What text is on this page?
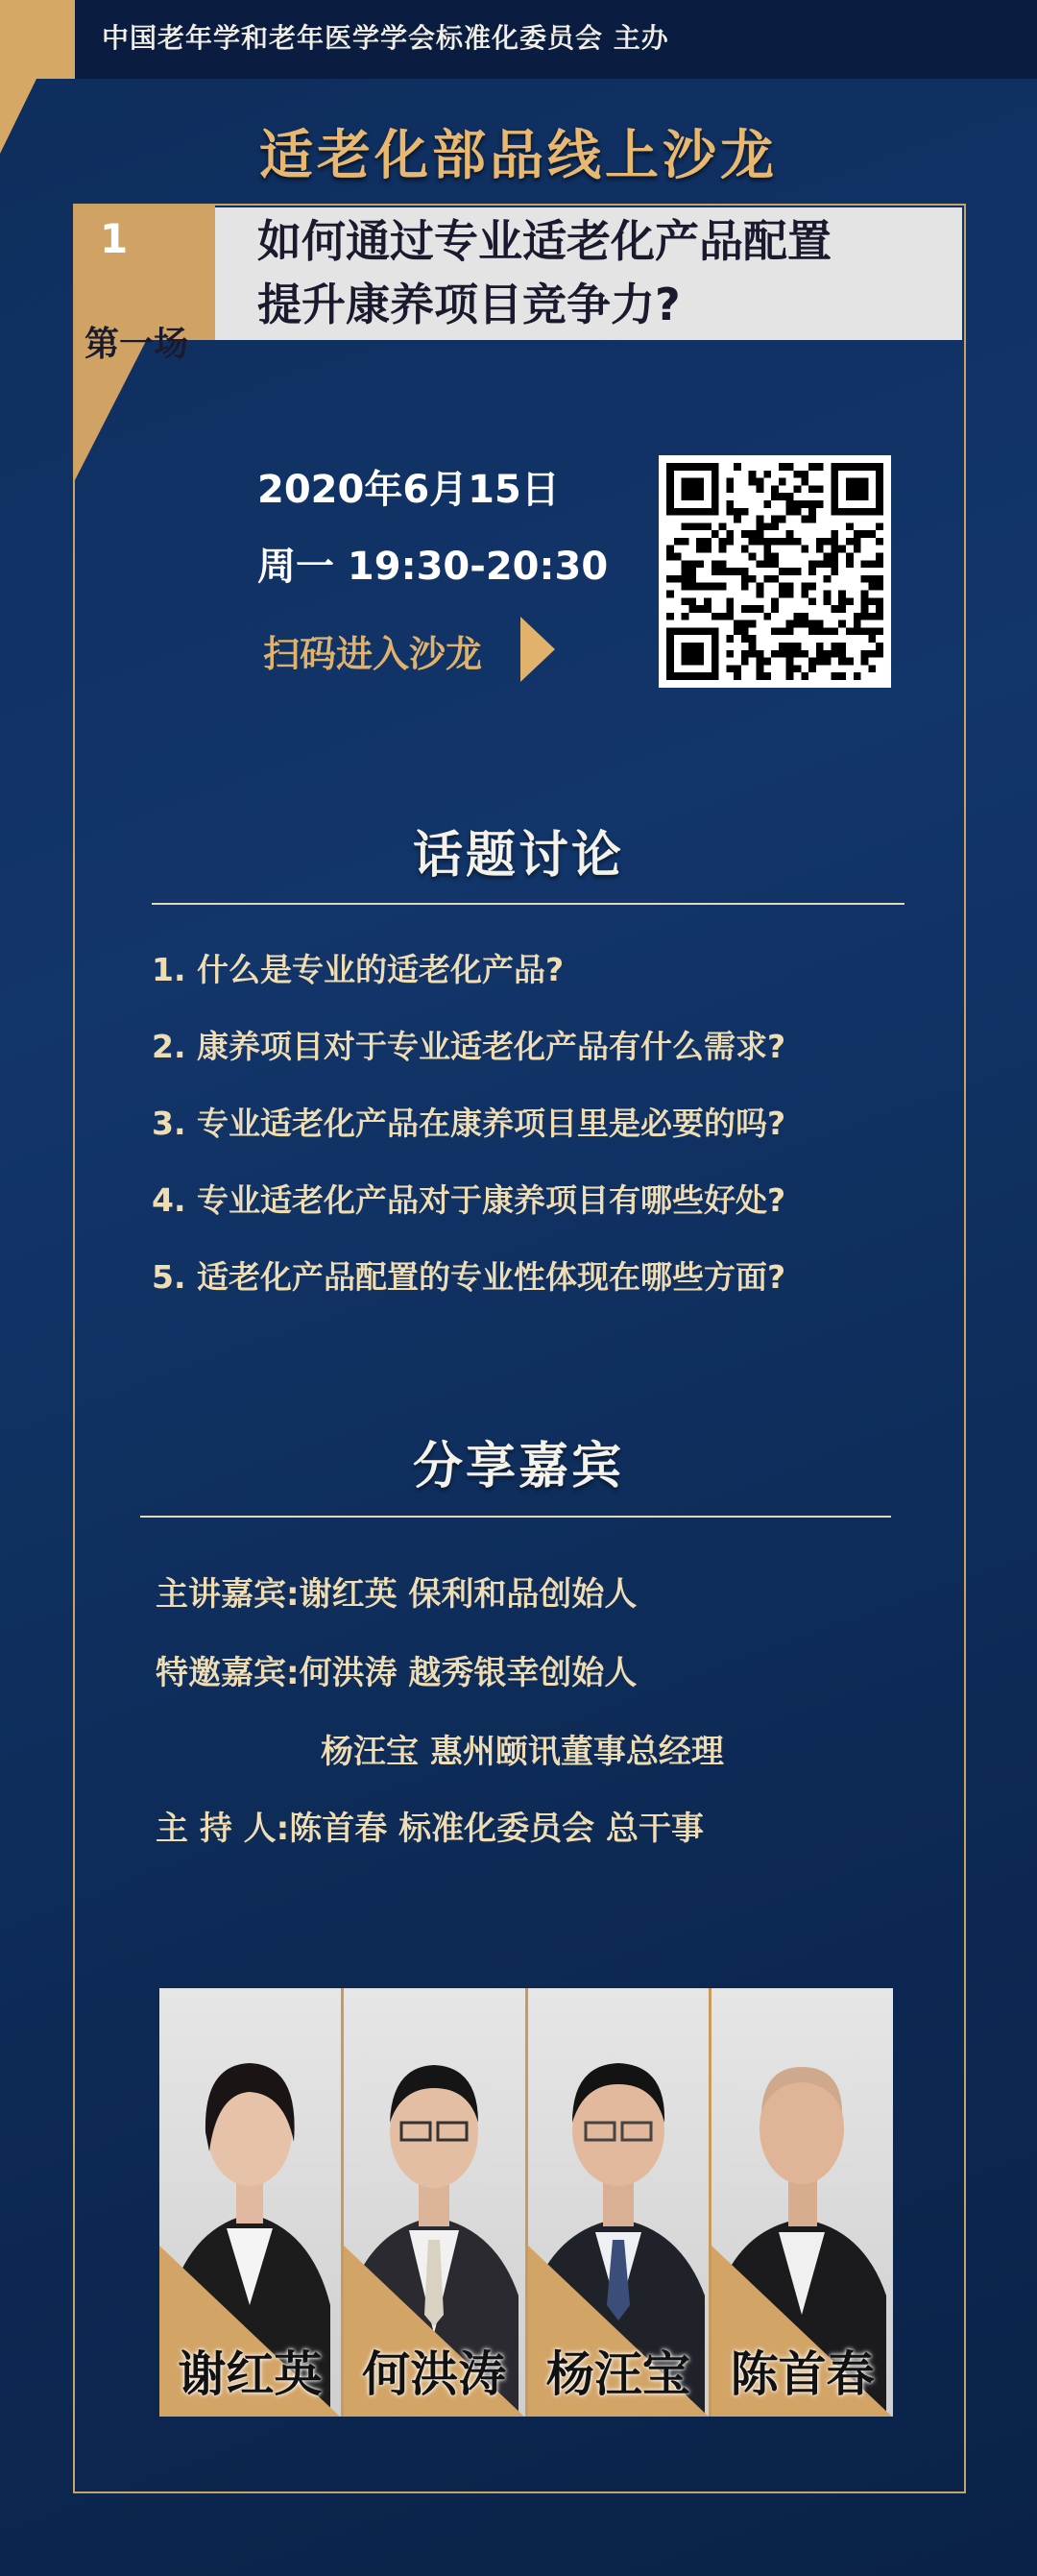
中国老年学和老年医学学会标准化委员会 主办
适老化部品线上沙龙
如何通过专业适老化产品配置
提升康养项目竞争力?
1
第一场
2020年6月15日
周一 19:30-20:30
扫码进入沙龙
话题讨论
1. 什么是专业的适老化产品?
2. 康养项目对于专业适老化产品有什么需求?
3. 专业适老化产品在康养项目里是必要的吗?
4. 专业适老化产品对于康养项目有哪些好处?
5. 适老化产品配置的专业性体现在哪些方面?
分享嘉宾
主讲嘉宾:谢红英 保利和品创始人
特邀嘉宾:何洪涛 越秀银幸创始人
杨汪宝 惠州颐讯董事总经理
主 持 人:陈首春 标准化委员会 总干事
谢红英 何洪涛 杨汪宝 陈首春
